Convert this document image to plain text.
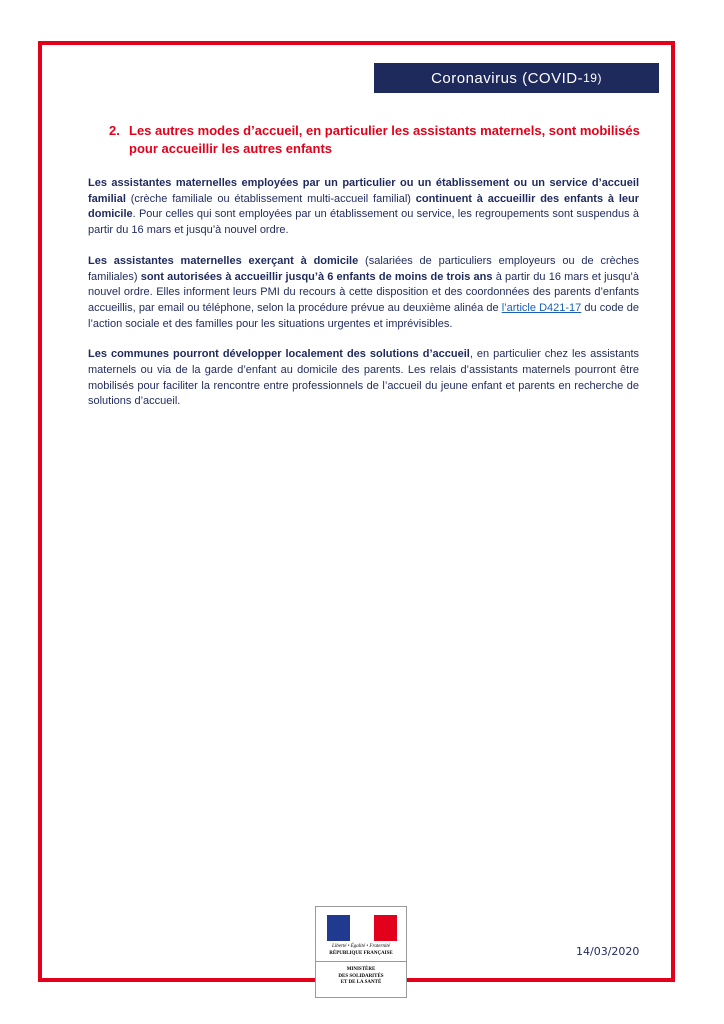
Coronavirus (COVID- 19)
2. Les autres modes d’accueil, en particulier les assistants maternels, sont mobilisés pour accueillir les autres enfants

Les assistantes maternelles employées par un particulier ou un établissement ou un service d’accueil familial (crèche familiale ou établissement multi-accueil familial) continuent à accueillir des enfants à leur domicile. Pour celles qui sont employées par un établissement ou service, les regroupements sont suspendus à partir du 16 mars et jusqu’à nouvel ordre.

Les assistantes maternelles exerçant à domicile (salariées de particuliers employeurs ou de crèches familiales) sont autorisées à accueillir jusqu’à 6 enfants de moins de trois ans à partir du 16 mars et jusqu’à nouvel ordre. Elles informent leurs PMI du recours à cette disposition et des coordonnées des parents d’enfants accueillis, par email ou téléphone, selon la procédure prévue au deuxième alinéa de l’article D421-17 du code de l’action sociale et des familles pour les situations urgentes et imprévisibles.

Les communes pourront développer localement des solutions d’accueil, en particulier chez les assistants maternels ou via de la garde d’enfant au domicile des parents. Les relais d’assistants maternels pourront être mobilisés pour faciliter la rencontre entre professionnels de l’accueil du jeune enfant et parents en recherche de solutions d’accueil.

Liberté • Égalité • Fraternité
RÉPUBLIQUE FRANÇAISE
MINISTÈRE
DES SOLIDARITÉS
ET DE LA SANTÉ
14/03/2020
